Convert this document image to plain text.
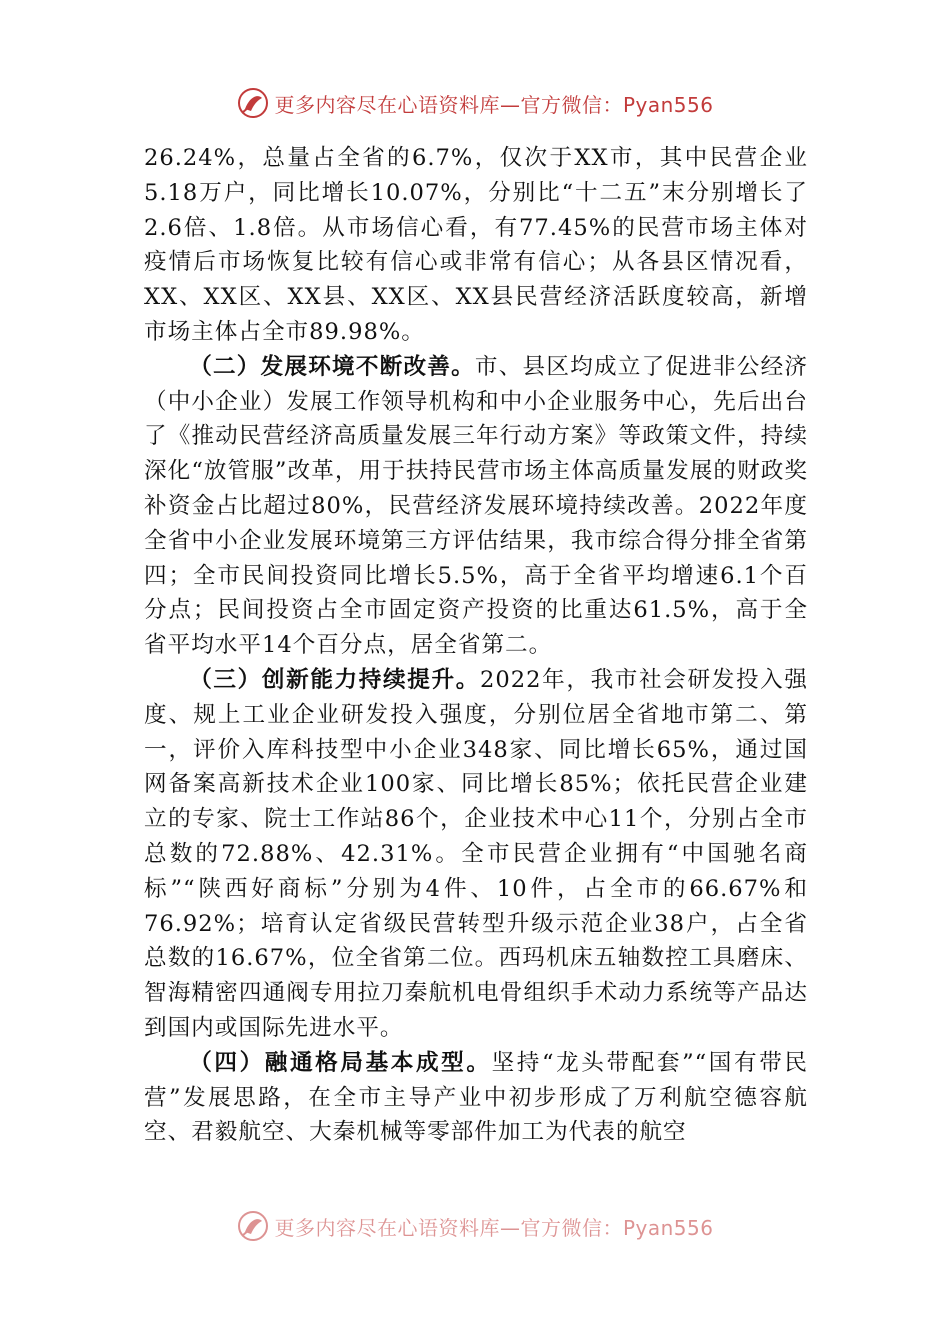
更多内容尽在心语资料库—官方微信：Pyan556

26.24%，总量占全省的6.7%，仅次于XX市，其中民营企业5.18万户，同比增长10.07%，分别比“十二五”末分别增长了2.6倍、1.8倍。从市场信心看，有77.45%的民营市场主体对疫情后市场恢复比较有信心或非常有信心；从各县区情况看，XX、XX区、XX县、XX区、XX县民营经济活跃度较高，新增市场主体占全市89.98%。

（二）发展环境不断改善。市、县区均成立了促进非公经济（中小企业）发展工作领导机构和中小企业服务中心，先后出台了《推动民营经济高质量发展三年行动方案》等政策文件，持续深化“放管服”改革，用于扶持民营市场主体高质量发展的财政奖补资金占比超过80%，民营经济发展环境持续改善。2022年度全省中小企业发展环境第三方评估结果，我市综合得分排全省第四；全市民间投资同比增长5.5%，高于全省平均增速6.1个百分点；民间投资占全市固定资产投资的比重达61.5%，高于全省平均水平14个百分点，居全省第二。

（三）创新能力持续提升。2022年，我市社会研发投入强度、规上工业企业研发投入强度，分别位居全省地市第二、第一，评价入库科技型中小企业348家、同比增长65%，通过国网备案高新技术企业100家、同比增长85%；依托民营企业建立的专家、院士工作站86个，企业技术中心11个，分别占全市总数的72.88%、42.31%。全市民营企业拥有“中国驰名商标”“陕西好商标”分别为4件、10件，占全市的66.67%和76.92%；培育认定省级民营转型升级示范企业38户，占全省总数的16.67%，位全省第二位。西玛机床五轴数控工具磨床、智海精密四通阀专用拉刀秦航机电骨组织手术动力系统等产品达到国内或国际先进水平。

（四）融通格局基本成型。坚持“龙头带配套”“国有带民营”发展思路，在全市主导产业中初步形成了万利航空德容航空、君毅航空、大秦机械等零部件加工为代表的航空

更多内容尽在心语资料库—官方微信：Pyan556
